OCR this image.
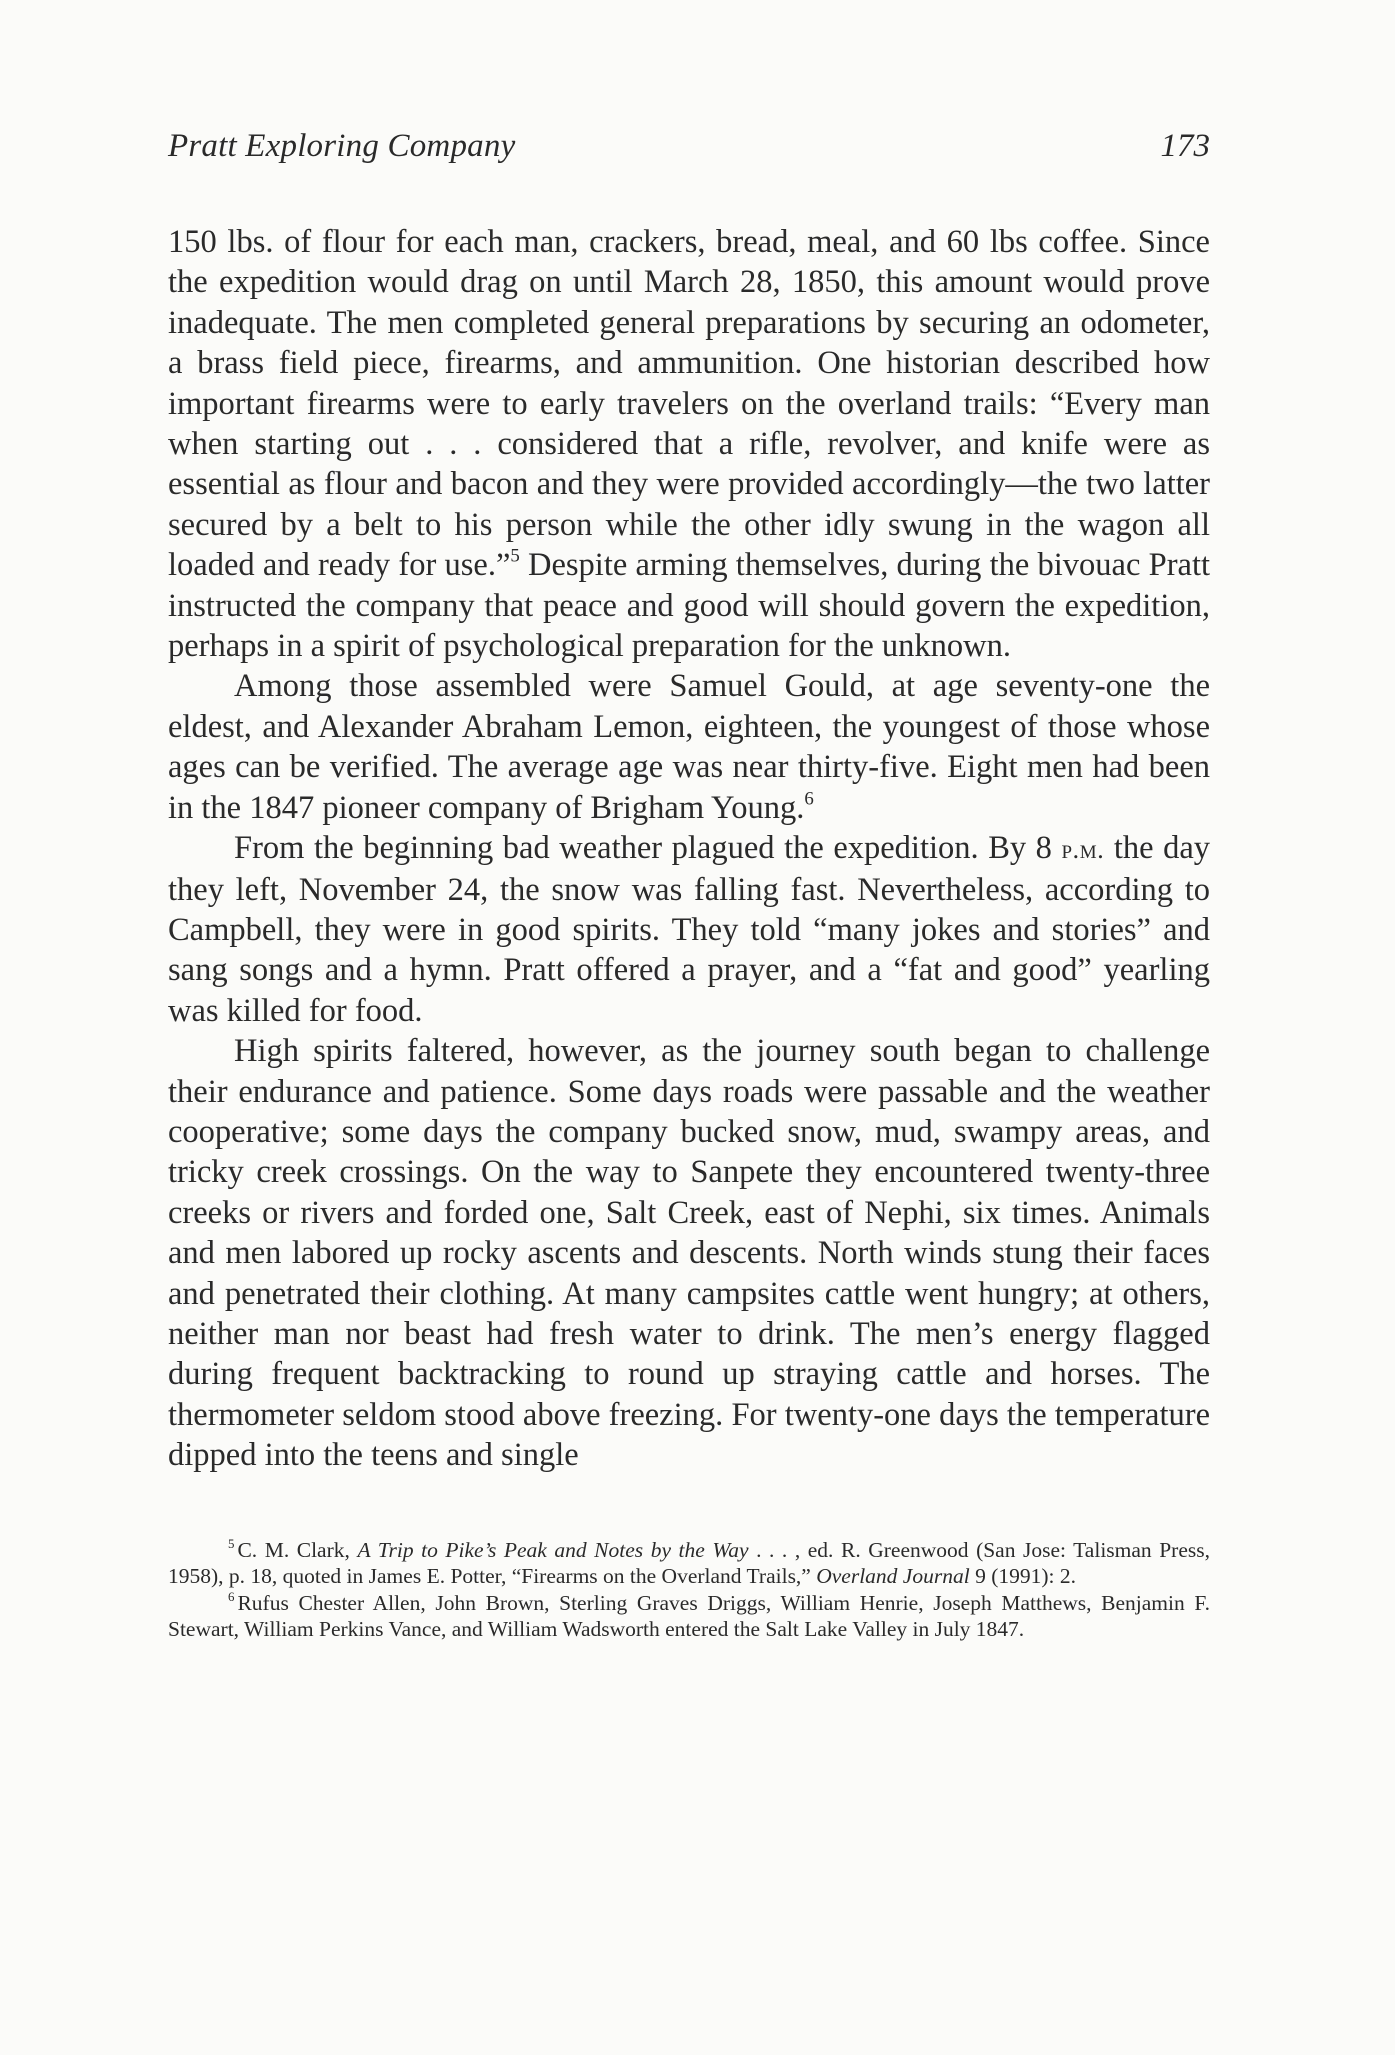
Pratt Exploring Company	173

150 lbs. of flour for each man, crackers, bread, meal, and 60 lbs coffee. Since the expedition would drag on until March 28, 1850, this amount would prove inadequate. The men completed general preparations by securing an odometer, a brass field piece, firearms, and ammunition. One historian described how important firearms were to early travelers on the overland trails: “Every man when starting out . . . considered that a rifle, revolver, and knife were as essential as flour and bacon and they were provided accordingly—the two latter secured by a belt to his person while the other idly swung in the wagon all loaded and ready for use.”$^5$ Despite arming themselves, during the bivouac Pratt instructed the company that peace and good will should govern the expedition, perhaps in a spirit of psychological preparation for the unknown.

Among those assembled were Samuel Gould, at age seventy-one the eldest, and Alexander Abraham Lemon, eighteen, the youngest of those whose ages can be verified. The average age was near thirty-five. Eight men had been in the 1847 pioneer company of Brigham Young.$^6$

From the beginning bad weather plagued the expedition. By 8 p.m. the day they left, November 24, the snow was falling fast. Nevertheless, according to Campbell, they were in good spirits. They told “many jokes and stories” and sang songs and a hymn. Pratt offered a prayer, and a “fat and good” yearling was killed for food.

High spirits faltered, however, as the journey south began to challenge their endurance and patience. Some days roads were passable and the weather cooperative; some days the company bucked snow, mud, swampy areas, and tricky creek crossings. On the way to Sanpete they encountered twenty-three creeks or rivers and forded one, Salt Creek, east of Nephi, six times. Animals and men labored up rocky ascents and descents. North winds stung their faces and penetrated their clothing. At many campsites cattle went hungry; at others, neither man nor beast had fresh water to drink. The men’s energy flagged during frequent backtracking to round up straying cattle and horses. The thermometer seldom stood above freezing. For twenty-one days the temperature dipped into the teens and single

$^5$ C. M. Clark, A Trip to Pike’s Peak and Notes by the Way . . . , ed. R. Greenwood (San Jose: Talisman Press, 1958), p. 18, quoted in James E. Potter, “Firearms on the Overland Trails,” Overland Journal 9 (1991): 2.

$^6$ Rufus Chester Allen, John Brown, Sterling Graves Driggs, William Henrie, Joseph Matthews, Benjamin F. Stewart, William Perkins Vance, and William Wadsworth entered the Salt Lake Valley in July 1847.
